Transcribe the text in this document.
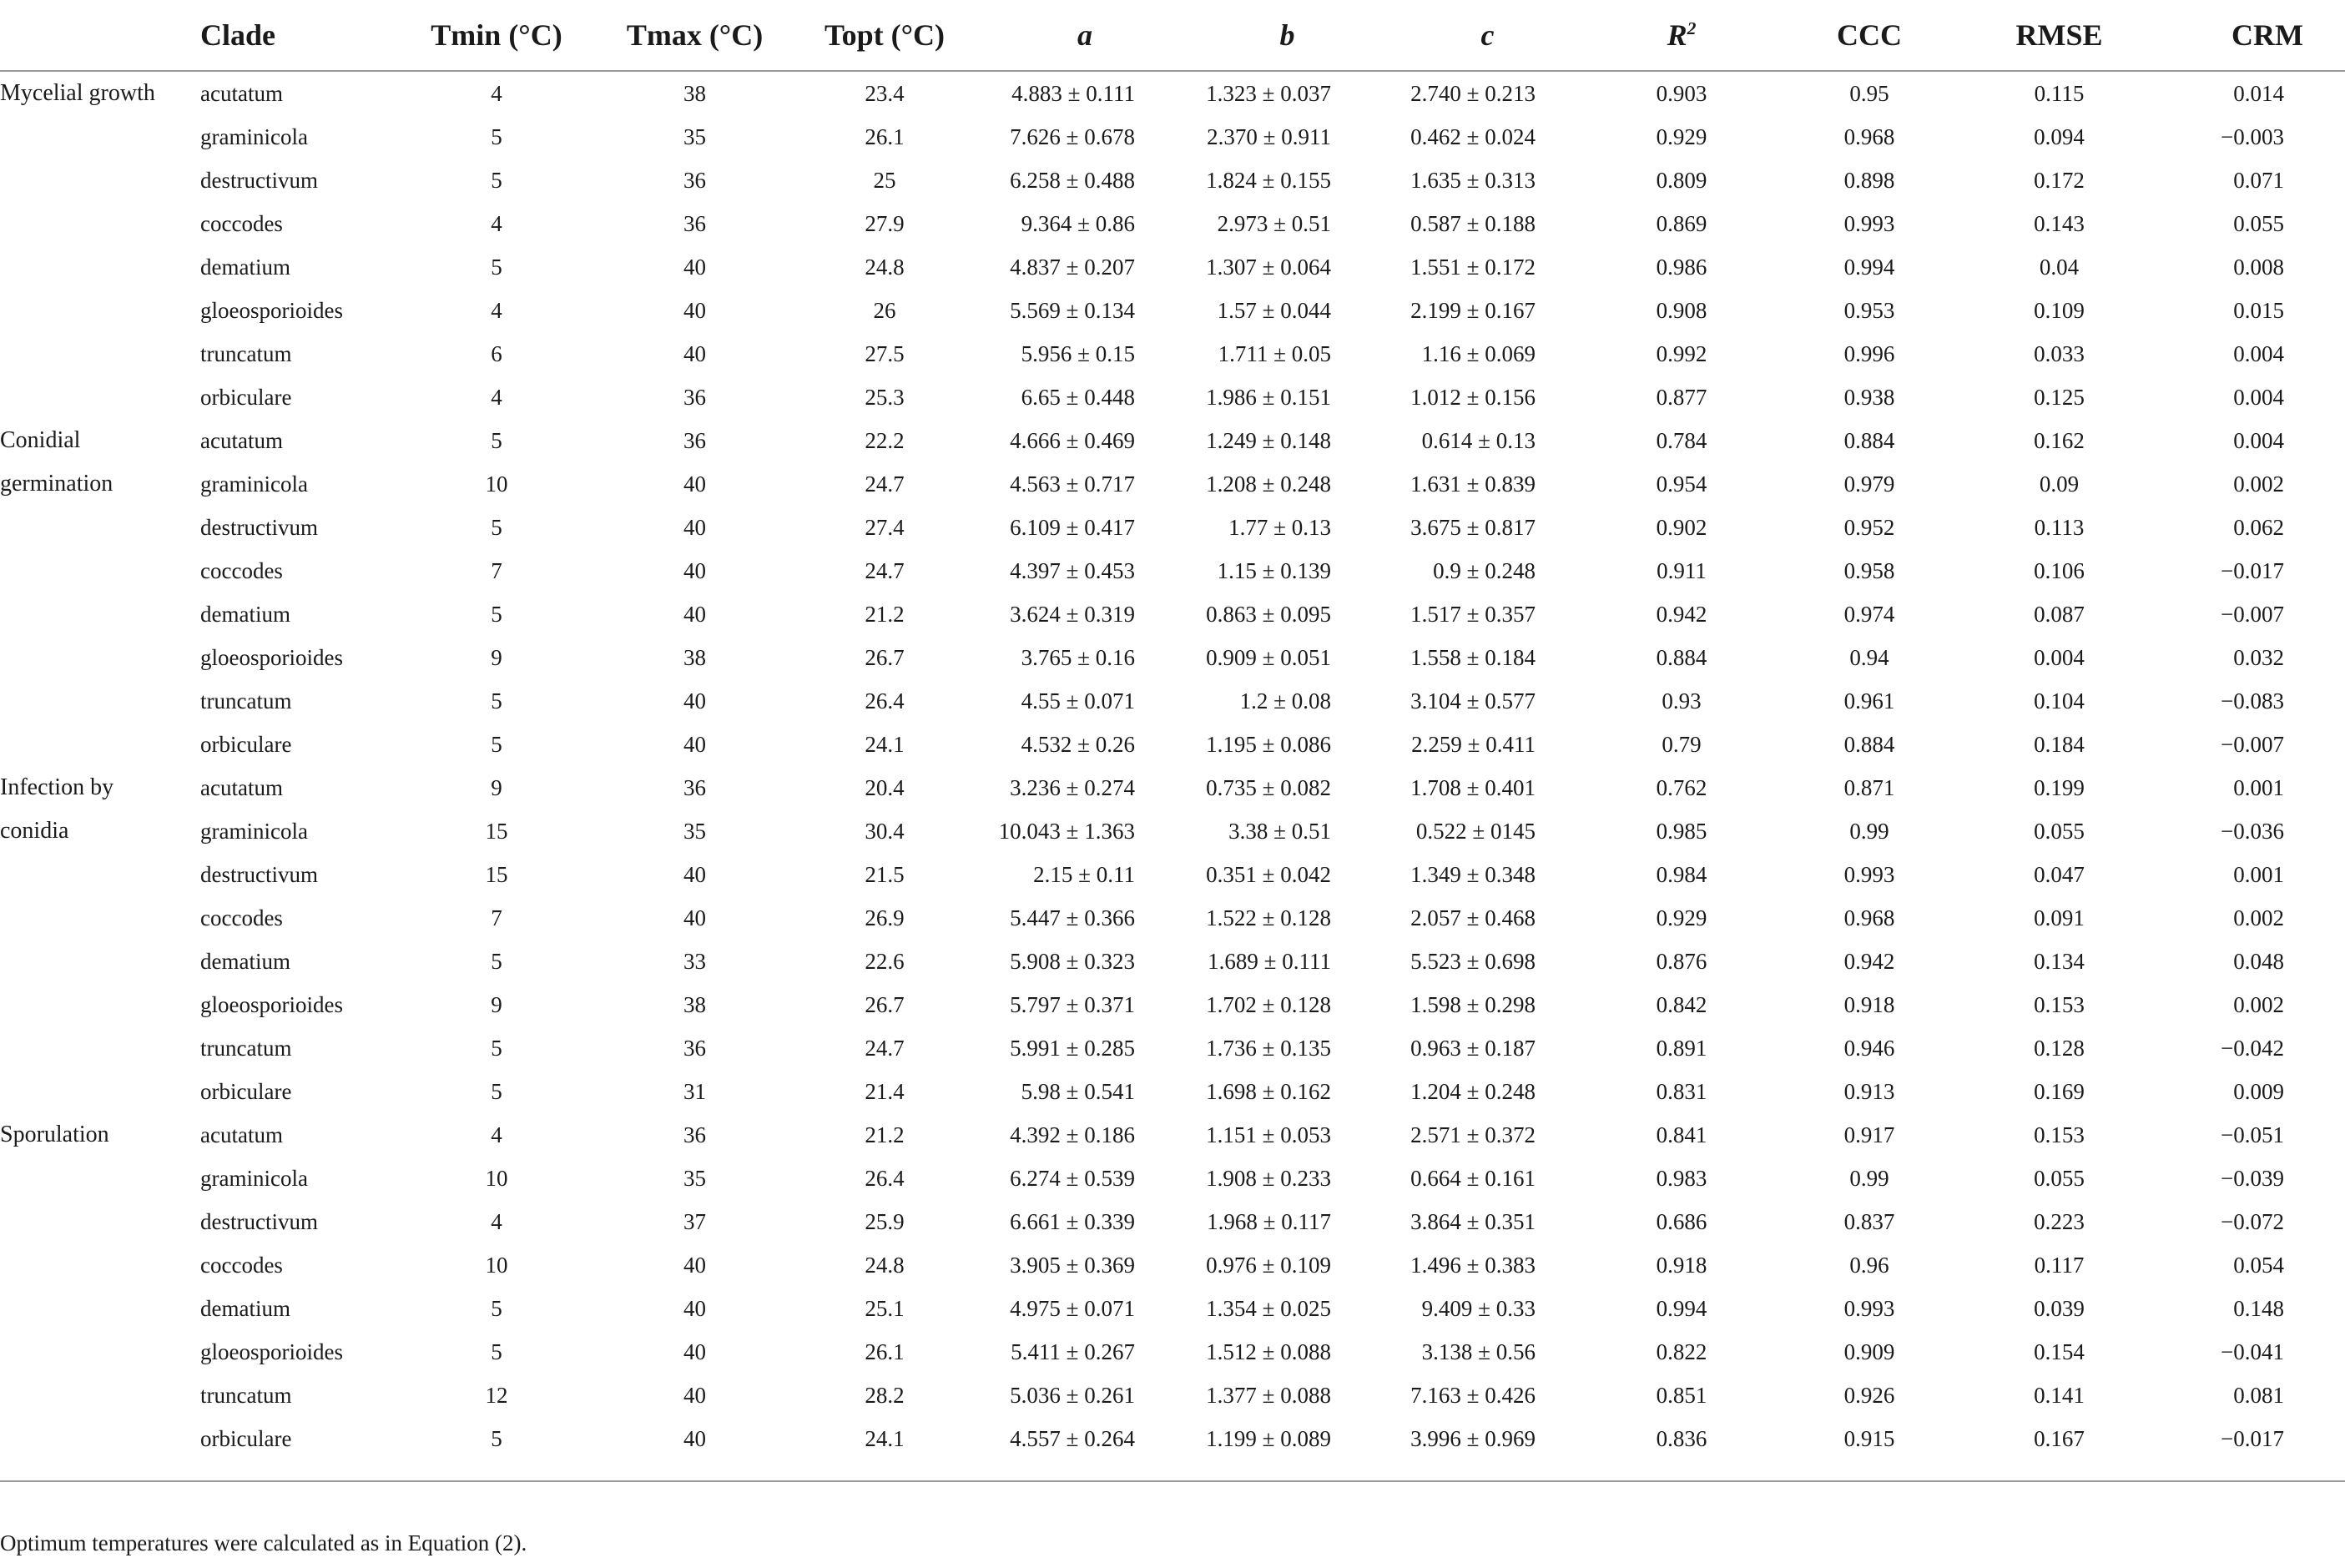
	Clade	Tmin (°C)	Tmax (°C)	Topt (°C)	a	b	c	$R^2$	CCC	RMSE	CRM
Mycelial growth	acutatum	4	38	23.4	4.883 ± 0.111	1.323 ± 0.037	2.740 ± 0.213	0.903	0.95	0.115	0.014
	graminicola	5	35	26.1	7.626 ± 0.678	2.370 ± 0.911	0.462 ± 0.024	0.929	0.968	0.094	−0.003
	destructivum	5	36	25	6.258 ± 0.488	1.824 ± 0.155	1.635 ± 0.313	0.809	0.898	0.172	0.071
	coccodes	4	36	27.9	9.364 ± 0.86	2.973 ± 0.51	0.587 ± 0.188	0.869	0.993	0.143	0.055
	dematium	5	40	24.8	4.837 ± 0.207	1.307 ± 0.064	1.551 ± 0.172	0.986	0.994	0.04	0.008
	gloeosporioides	4	40	26	5.569 ± 0.134	1.57 ± 0.044	2.199 ± 0.167	0.908	0.953	0.109	0.015
	truncatum	6	40	27.5	5.956 ± 0.15	1.711 ± 0.05	1.16 ± 0.069	0.992	0.996	0.033	0.004
	orbiculare	4	36	25.3	6.65 ± 0.448	1.986 ± 0.151	1.012 ± 0.156	0.877	0.938	0.125	0.004
Conidial	acutatum	5	36	22.2	4.666 ± 0.469	1.249 ± 0.148	0.614 ± 0.13	0.784	0.884	0.162	0.004
germination	graminicola	10	40	24.7	4.563 ± 0.717	1.208 ± 0.248	1.631 ± 0.839	0.954	0.979	0.09	0.002
	destructivum	5	40	27.4	6.109 ± 0.417	1.77 ± 0.13	3.675 ± 0.817	0.902	0.952	0.113	0.062
	coccodes	7	40	24.7	4.397 ± 0.453	1.15 ± 0.139	0.9 ± 0.248	0.911	0.958	0.106	−0.017
	dematium	5	40	21.2	3.624 ± 0.319	0.863 ± 0.095	1.517 ± 0.357	0.942	0.974	0.087	−0.007
	gloeosporioides	9	38	26.7	3.765 ± 0.16	0.909 ± 0.051	1.558 ± 0.184	0.884	0.94	0.004	0.032
	truncatum	5	40	26.4	4.55 ± 0.071	1.2 ± 0.08	3.104 ± 0.577	0.93	0.961	0.104	−0.083
	orbiculare	5	40	24.1	4.532 ± 0.26	1.195 ± 0.086	2.259 ± 0.411	0.79	0.884	0.184	−0.007
Infection by	acutatum	9	36	20.4	3.236 ± 0.274	0.735 ± 0.082	1.708 ± 0.401	0.762	0.871	0.199	0.001
conidia	graminicola	15	35	30.4	10.043 ± 1.363	3.38 ± 0.51	0.522 ± 0145	0.985	0.99	0.055	−0.036
	destructivum	15	40	21.5	2.15 ± 0.11	0.351 ± 0.042	1.349 ± 0.348	0.984	0.993	0.047	0.001
	coccodes	7	40	26.9	5.447 ± 0.366	1.522 ± 0.128	2.057 ± 0.468	0.929	0.968	0.091	0.002
	dematium	5	33	22.6	5.908 ± 0.323	1.689 ± 0.111	5.523 ± 0.698	0.876	0.942	0.134	0.048
	gloeosporioides	9	38	26.7	5.797 ± 0.371	1.702 ± 0.128	1.598 ± 0.298	0.842	0.918	0.153	0.002
	truncatum	5	36	24.7	5.991 ± 0.285	1.736 ± 0.135	0.963 ± 0.187	0.891	0.946	0.128	−0.042
	orbiculare	5	31	21.4	5.98 ± 0.541	1.698 ± 0.162	1.204 ± 0.248	0.831	0.913	0.169	0.009
Sporulation	acutatum	4	36	21.2	4.392 ± 0.186	1.151 ± 0.053	2.571 ± 0.372	0.841	0.917	0.153	−0.051
	graminicola	10	35	26.4	6.274 ± 0.539	1.908 ± 0.233	0.664 ± 0.161	0.983	0.99	0.055	−0.039
	destructivum	4	37	25.9	6.661 ± 0.339	1.968 ± 0.117	3.864 ± 0.351	0.686	0.837	0.223	−0.072
	coccodes	10	40	24.8	3.905 ± 0.369	0.976 ± 0.109	1.496 ± 0.383	0.918	0.96	0.117	0.054
	dematium	5	40	25.1	4.975 ± 0.071	1.354 ± 0.025	9.409 ± 0.33	0.994	0.993	0.039	0.148
	gloeosporioides	5	40	26.1	5.411 ± 0.267	1.512 ± 0.088	3.138 ± 0.56	0.822	0.909	0.154	−0.041
	truncatum	12	40	28.2	5.036 ± 0.261	1.377 ± 0.088	7.163 ± 0.426	0.851	0.926	0.141	0.081
	orbiculare	5	40	24.1	4.557 ± 0.264	1.199 ± 0.089	3.996 ± 0.969	0.836	0.915	0.167	−0.017
Optimum temperatures were calculated as in Equation (2).
